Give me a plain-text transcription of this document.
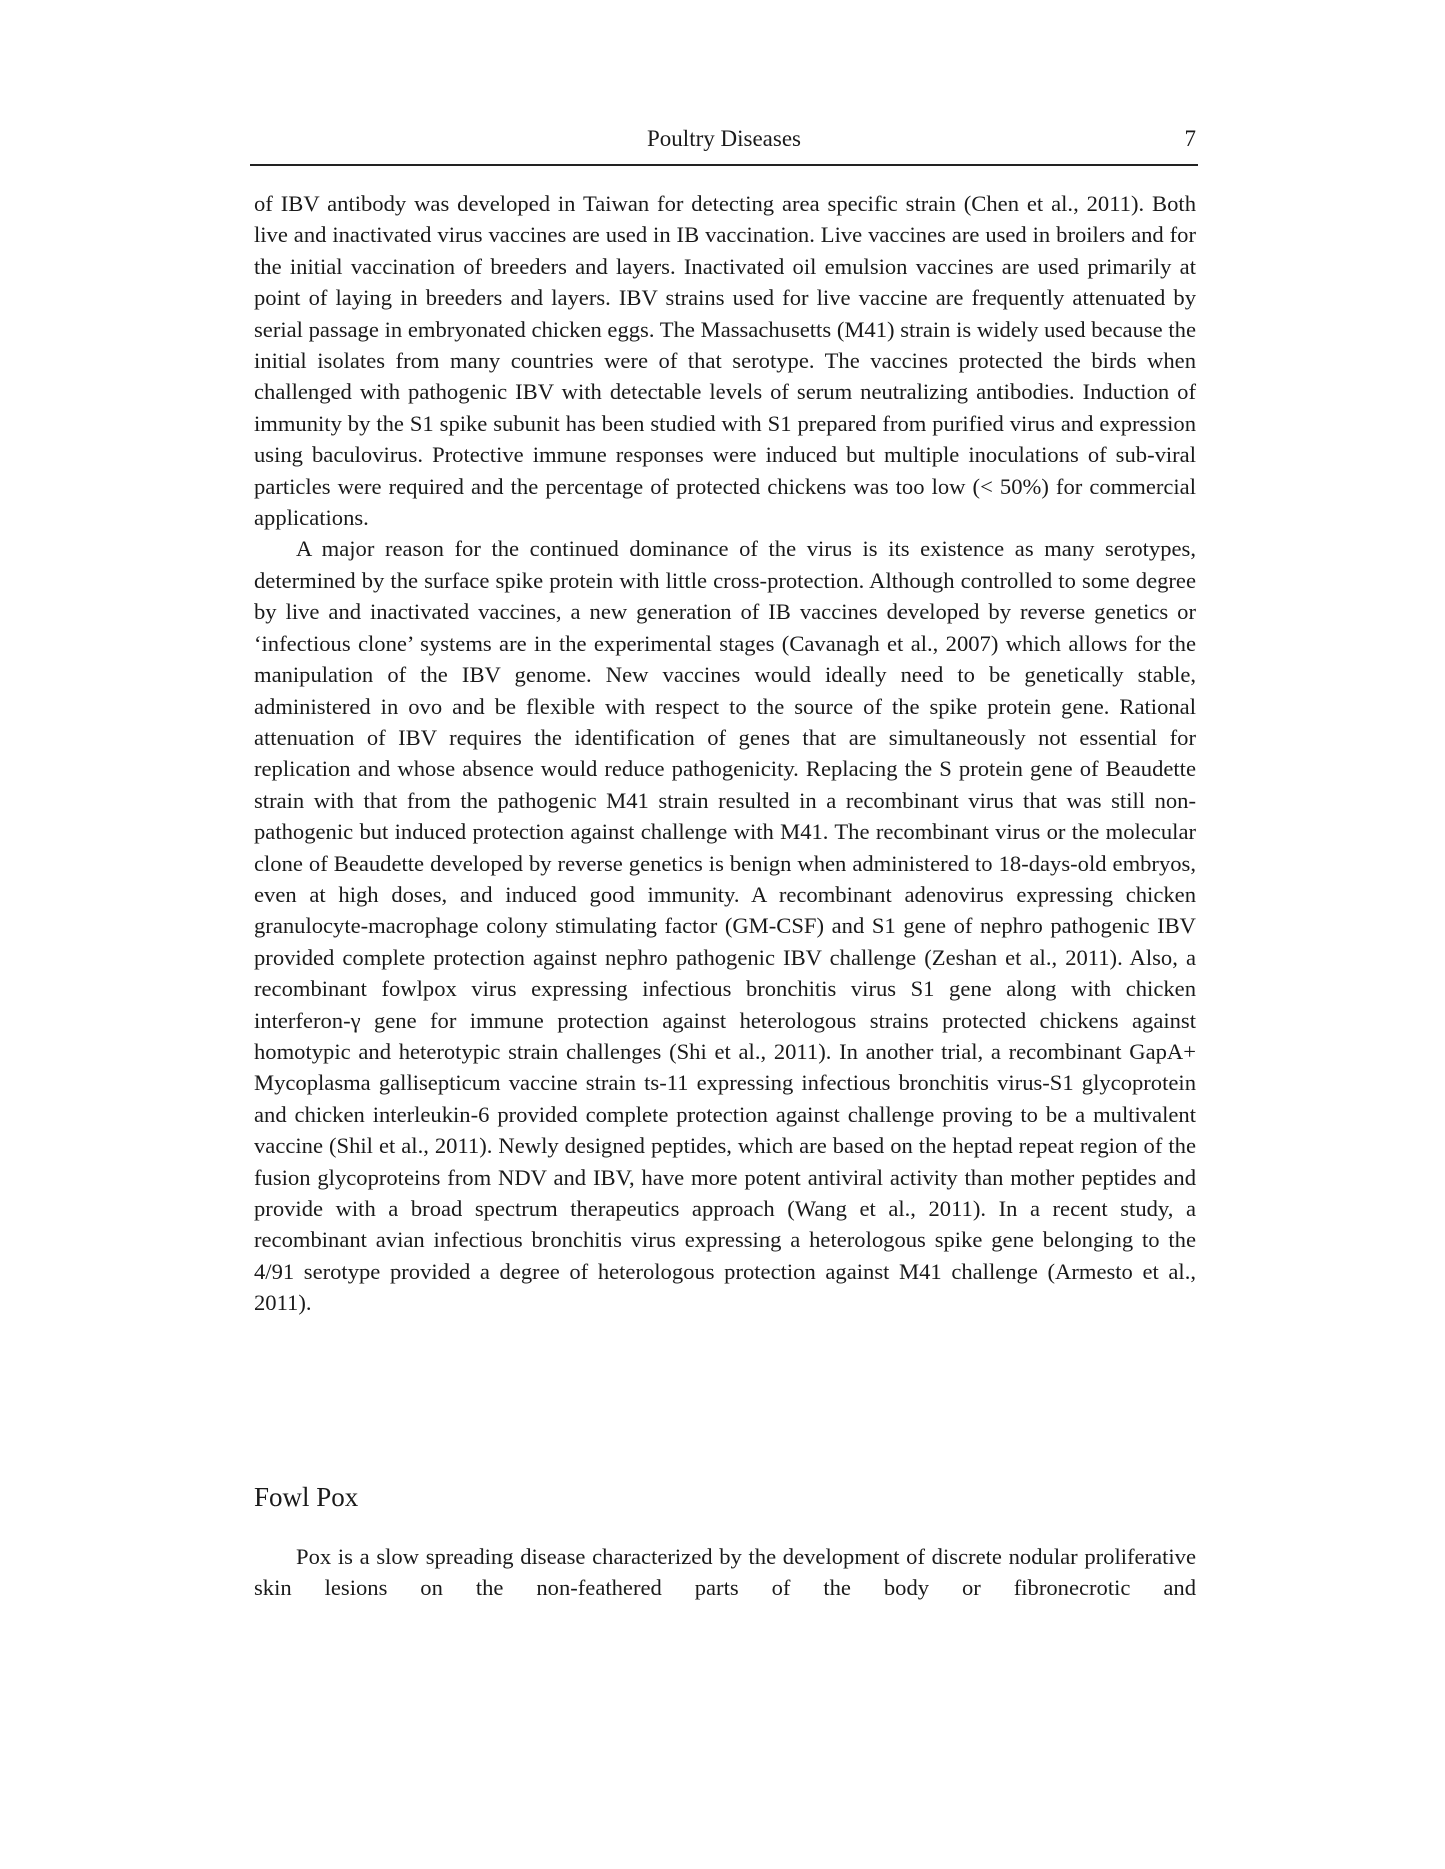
Poultry Diseases	7

of IBV antibody was developed in Taiwan for detecting area specific strain (Chen et al., 2011). Both live and inactivated virus vaccines are used in IB vaccination. Live vaccines are used in broilers and for the initial vaccination of breeders and layers. Inactivated oil emulsion vaccines are used primarily at point of laying in breeders and layers. IBV strains used for live vaccine are frequently attenuated by serial passage in embryonated chicken eggs. The Massachusetts (M41) strain is widely used because the initial isolates from many countries were of that serotype. The vaccines protected the birds when challenged with pathogenic IBV with detectable levels of serum neutralizing antibodies. Induction of immunity by the S1 spike subunit has been studied with S1 prepared from purified virus and expression using baculovirus. Protective immune responses were induced but multiple inoculations of sub-viral particles were required and the percentage of protected chickens was too low (< 50%) for commercial applications.

A major reason for the continued dominance of the virus is its existence as many serotypes, determined by the surface spike protein with little cross-protection. Although controlled to some degree by live and inactivated vaccines, a new generation of IB vaccines developed by reverse genetics or ‘infectious clone’ systems are in the experimental stages (Cavanagh et al., 2007) which allows for the manipulation of the IBV genome. New vaccines would ideally need to be genetically stable, administered in ovo and be flexible with respect to the source of the spike protein gene. Rational attenuation of IBV requires the identification of genes that are simultaneously not essential for replication and whose absence would reduce pathogenicity. Replacing the S protein gene of Beaudette strain with that from the pathogenic M41 strain resulted in a recombinant virus that was still non-pathogenic but induced protection against challenge with M41. The recombinant virus or the molecular clone of Beaudette developed by reverse genetics is benign when administered to 18-days-old embryos, even at high doses, and induced good immunity. A recombinant adenovirus expressing chicken granulocyte-macrophage colony stimulating factor (GM-CSF) and S1 gene of nephro pathogenic IBV provided complete protection against nephro pathogenic IBV challenge (Zeshan et al., 2011). Also, a recombinant fowlpox virus expressing infectious bronchitis virus S1 gene along with chicken interferon-γ gene for immune protection against heterologous strains protected chickens against homotypic and heterotypic strain challenges (Shi et al., 2011). In another trial, a recombinant GapA+ Mycoplasma gallisepticum vaccine strain ts-11 expressing infectious bronchitis virus-S1 glycoprotein and chicken interleukin-6 provided complete protection against challenge proving to be a multivalent vaccine (Shil et al., 2011). Newly designed peptides, which are based on the heptad repeat region of the fusion glycoproteins from NDV and IBV, have more potent antiviral activity than mother peptides and provide with a broad spectrum therapeutics approach (Wang et al., 2011). In a recent study, a recombinant avian infectious bronchitis virus expressing a heterologous spike gene belonging to the 4/91 serotype provided a degree of heterologous protection against M41 challenge (Armesto et al., 2011).

Fowl Pox

Pox is a slow spreading disease characterized by the development of discrete nodular proliferative skin lesions on the non-feathered parts of the body or fibronecrotic and
